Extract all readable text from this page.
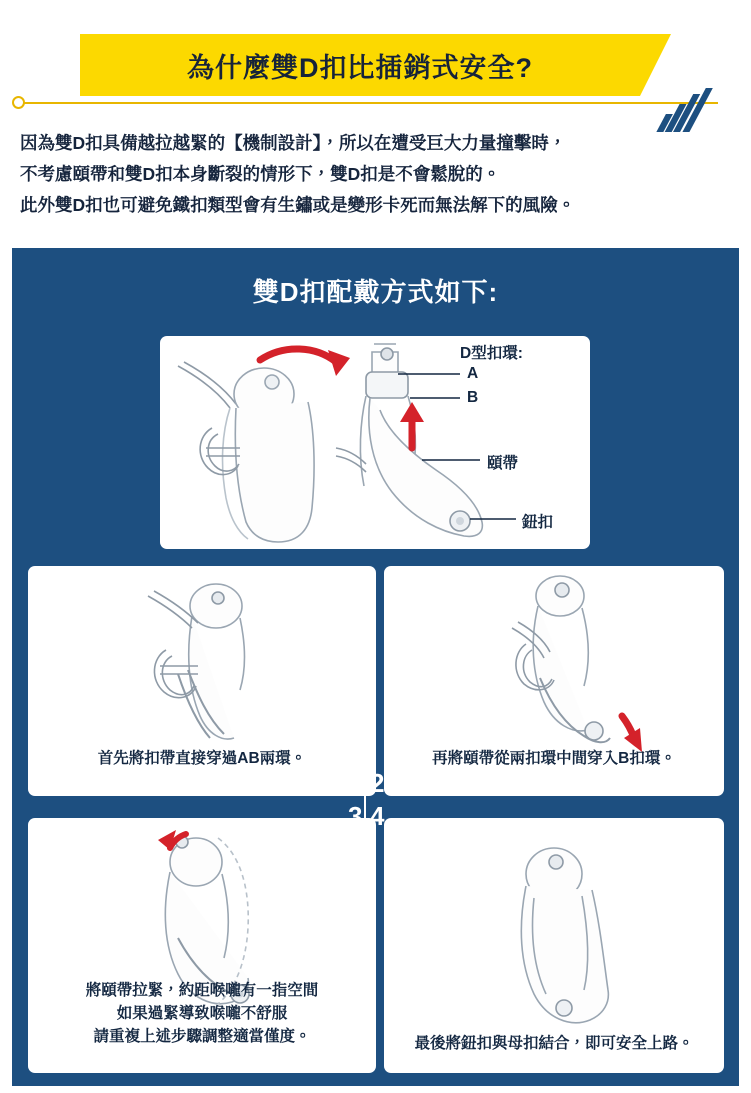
為什麼雙D扣比插銷式安全?

因為雙D扣具備越拉越緊的【機制設計】，所以在遭受巨大力量撞擊時，

不考慮頤帶和雙D扣本身斷裂的情形下，雙D扣是不會鬆脫的。

此外雙D扣也可避免鐵扣類型會有生鏽或是變形卡死而無法解下的風險。

雙D扣配戴方式如下:
D型扣環:
A
B
頤帶
鈕扣
首先將扣帶直接穿過AB兩環。	再將頤帶從兩扣環中間穿入B扣環。
將頤帶拉緊，約距喉嚨有一指空間
如果過緊導致喉嚨不舒服
請重複上述步驟調整適當僅度。	最後將鈕扣與母扣結合，即可安全上路。
1 2
3 4
